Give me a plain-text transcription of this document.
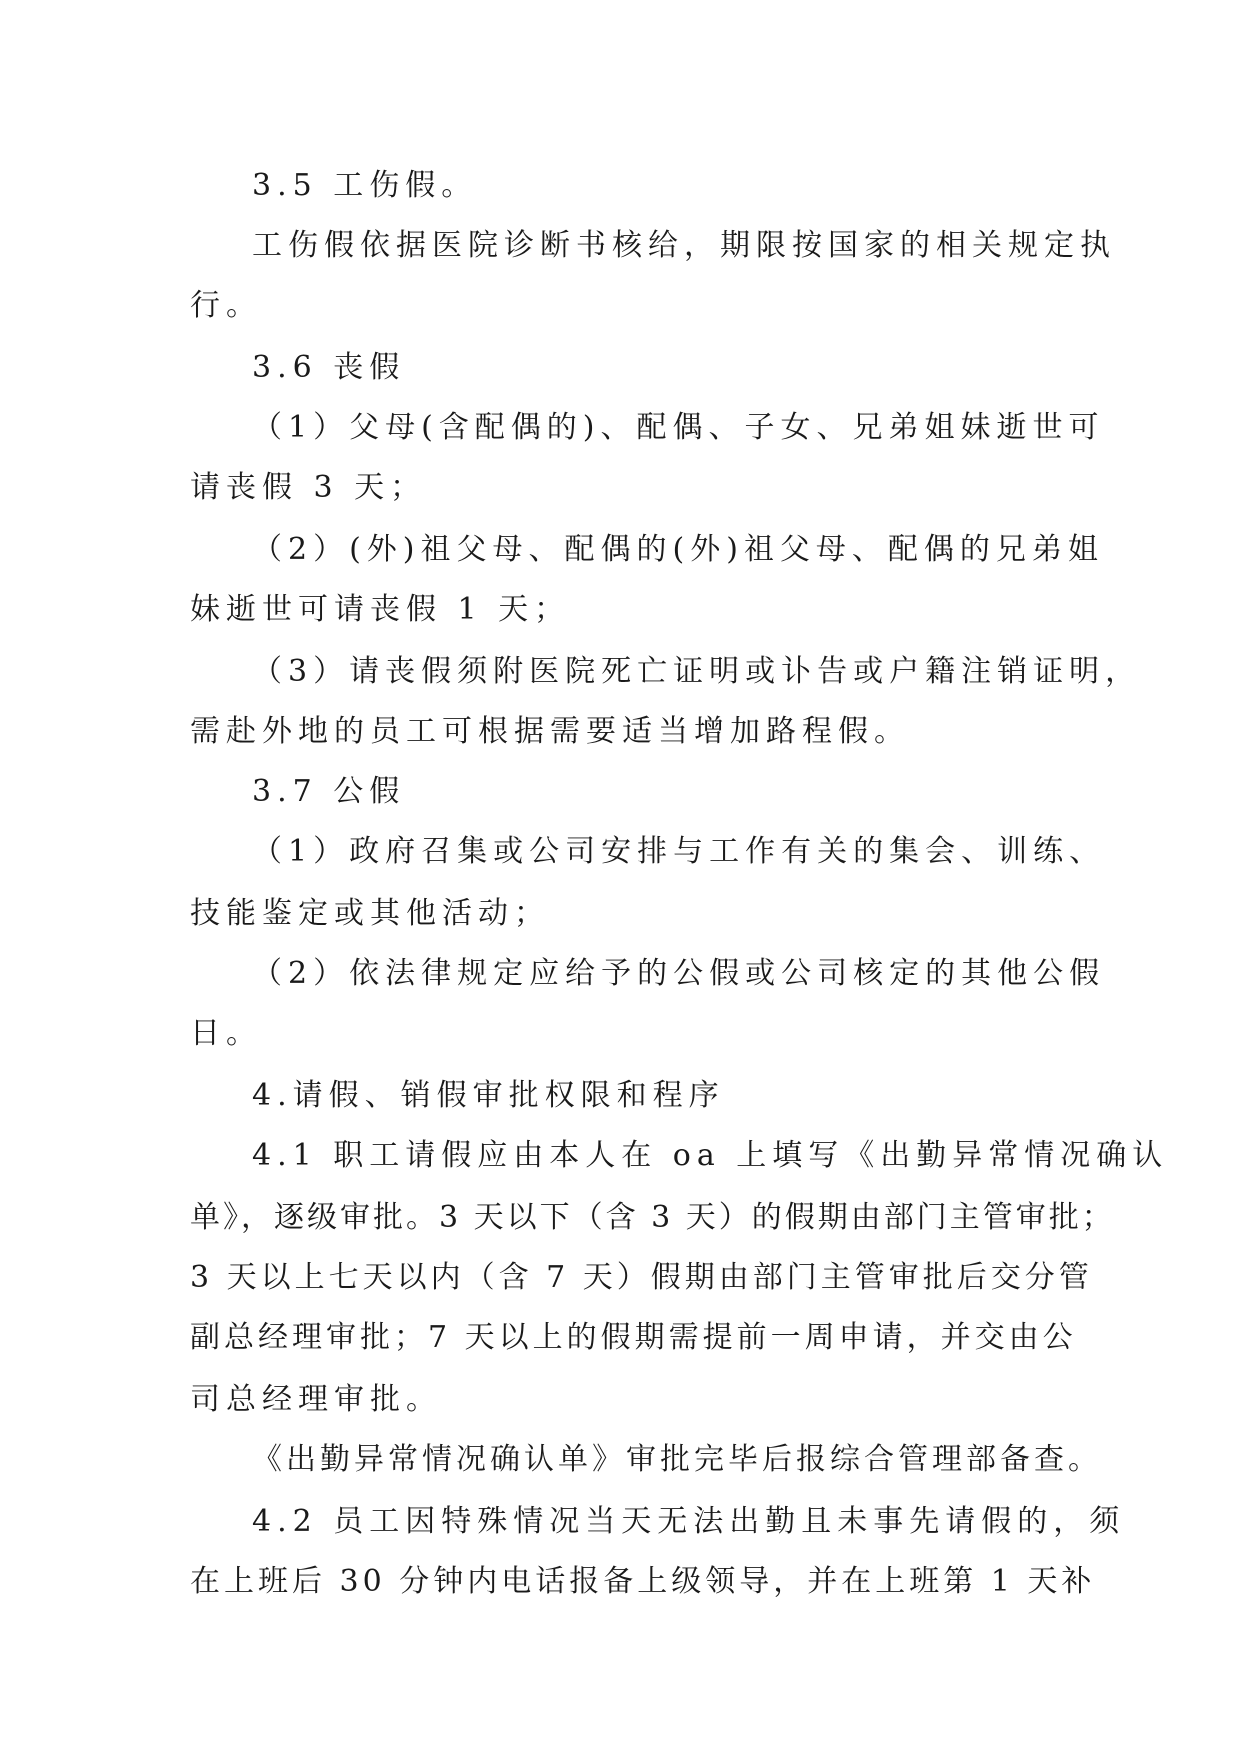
3.5 工伤假。
工伤假依据医院诊断书核给，期限按国家的相关规定执
行。
3.6 丧假
（1）父母(含配偶的)、配偶、子女、兄弟姐妹逝世可
请丧假 3 天；
（2）(外)祖父母、配偶的(外)祖父母、配偶的兄弟姐
妹逝世可请丧假 1 天；
（3）请丧假须附医院死亡证明或讣告或户籍注销证明，
需赴外地的员工可根据需要适当增加路程假。
3.7 公假
（1）政府召集或公司安排与工作有关的集会、训练、
技能鉴定或其他活动；
（2）依法律规定应给予的公假或公司核定的其他公假
日。
4.请假、销假审批权限和程序
4.1 职工请假应由本人在 oa 上填写《出勤异常情况确认
单》，逐级审批。3 天以下（含 3 天）的假期由部门主管审批；
3 天以上七天以内（含 7 天）假期由部门主管审批后交分管
副总经理审批；7 天以上的假期需提前一周申请，并交由公
司总经理审批。
《出勤异常情况确认单》审批完毕后报综合管理部备查。
4.2 员工因特殊情况当天无法出勤且未事先请假的，须
在上班后 30 分钟内电话报备上级领导，并在上班第 1 天补
